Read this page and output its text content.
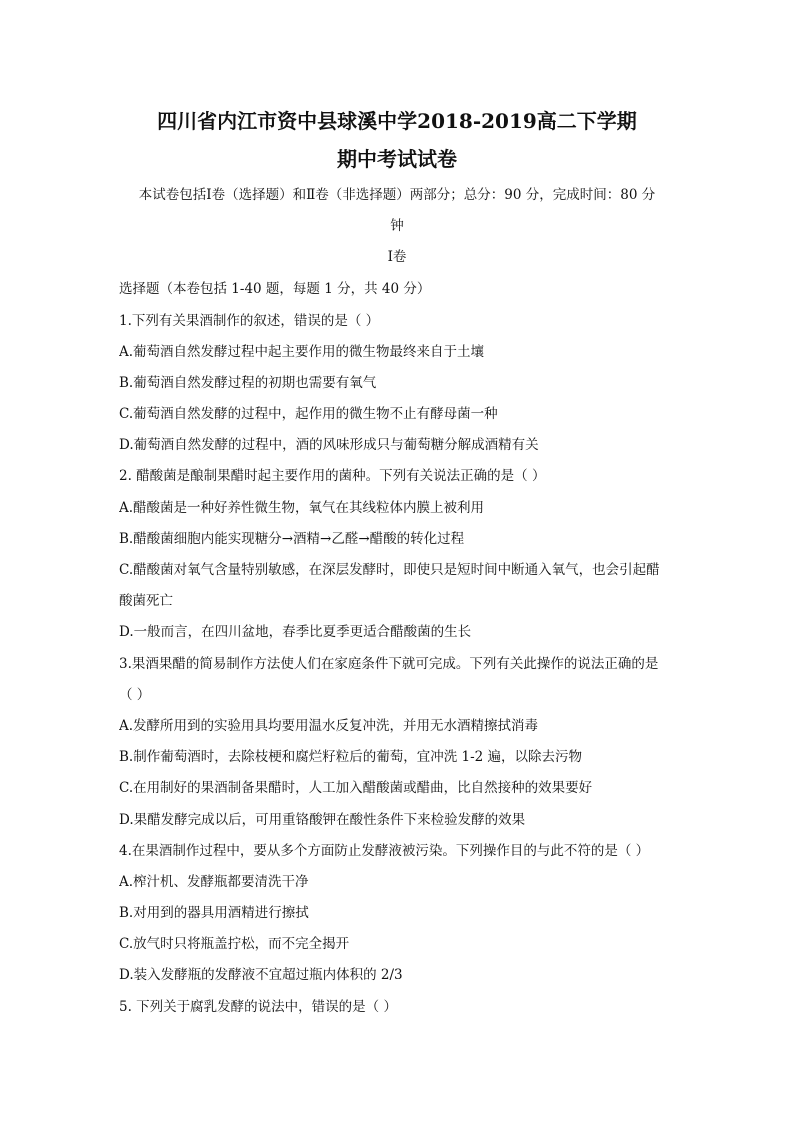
四川省内江市资中县球溪中学2018-2019高二下学期
期中考试试卷
本试卷包括Ⅰ卷（选择题）和Ⅱ卷（非选择题）两部分；总分：90 分，完成时间：80 分
钟
Ⅰ卷
选择题（本卷包括 1-40 题，每题 1 分，共 40 分）
1.下列有关果酒制作的叙述，错误的是（ ）
A.葡萄酒自然发酵过程中起主要作用的微生物最终来自于土壤
B.葡萄酒自然发酵过程的初期也需要有氧气
C.葡萄酒自然发酵的过程中，起作用的微生物不止有酵母菌一种
D.葡萄酒自然发酵的过程中，酒的风味形成只与葡萄糖分解成酒精有关
2. 醋酸菌是酿制果醋时起主要作用的菌种。下列有关说法正确的是（ ）
A.醋酸菌是一种好养性微生物，氧气在其线粒体内膜上被利用
B.醋酸菌细胞内能实现糖分→酒精→乙醛→醋酸的转化过程
C.醋酸菌对氧气含量特别敏感，在深层发酵时，即使只是短时间中断通入氧气，也会引起醋
酸菌死亡
D.一般而言，在四川盆地，春季比夏季更适合醋酸菌的生长
3.果酒果醋的简易制作方法使人们在家庭条件下就可完成。下列有关此操作的说法正确的是
（ ）
A.发酵所用到的实验用具均要用温水反复冲洗，并用无水酒精擦拭消毒
B.制作葡萄酒时，去除枝梗和腐烂籽粒后的葡萄，宜冲洗 1-2 遍，以除去污物
C.在用制好的果酒制备果醋时，人工加入醋酸菌或醋曲，比自然接种的效果要好
D.果醋发酵完成以后，可用重铬酸钾在酸性条件下来检验发酵的效果
4.在果酒制作过程中，要从多个方面防止发酵液被污染。下列操作目的与此不符的是（ ）
A.榨汁机、发酵瓶都要清洗干净
B.对用到的器具用酒精进行擦拭
C.放气时只将瓶盖拧松，而不完全揭开
D.装入发酵瓶的发酵液不宜超过瓶内体积的 2/3
5. 下列关于腐乳发酵的说法中，错误的是（ ）
